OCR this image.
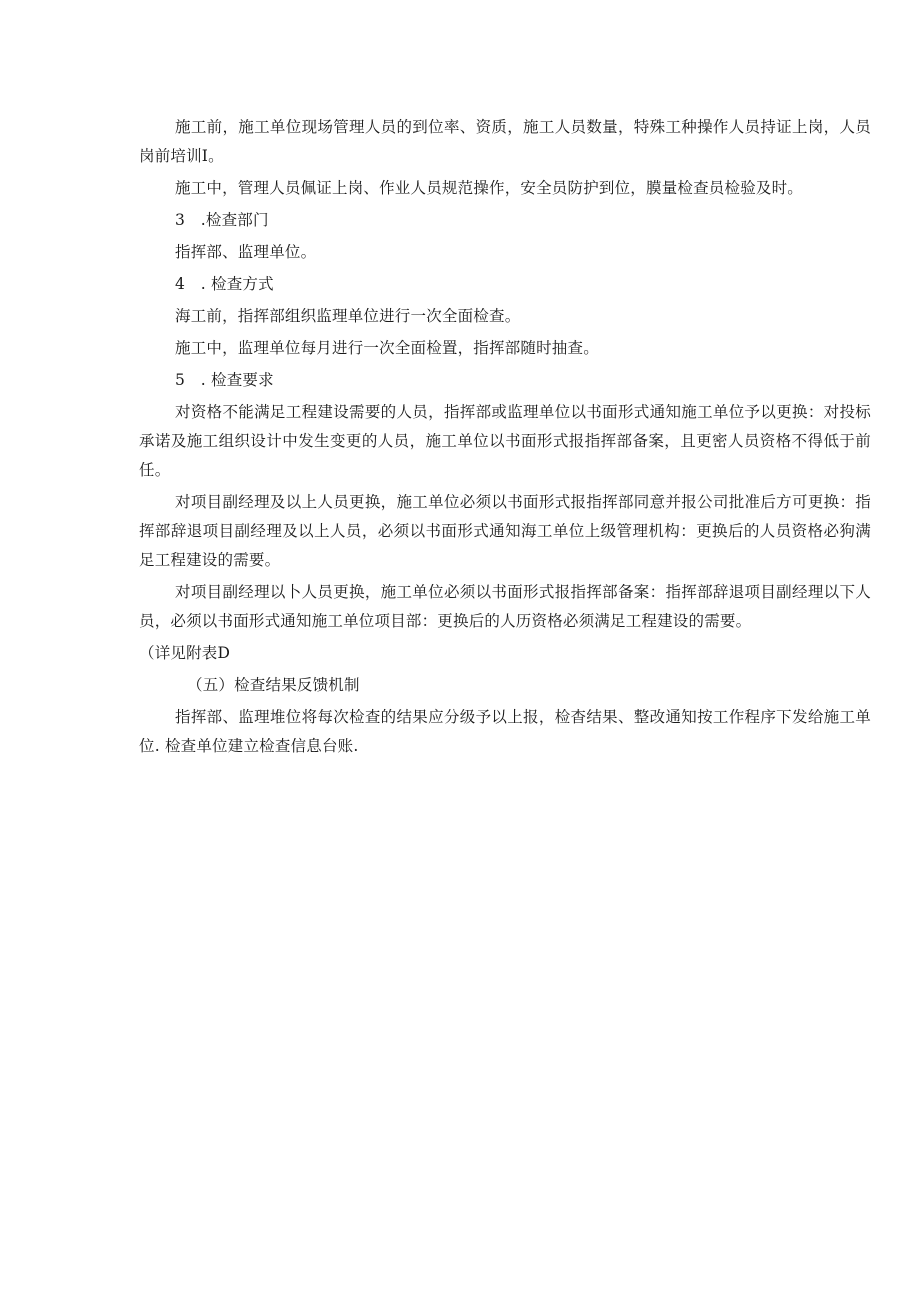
施工前，施工单位现场管理人员的到位率、资质，施工人员数量，特殊工种操作人员持证上岗，人员岗前培训I。

施工中，管理人员佩证上岗、作业人员规范操作，安全员防护到位，膜量检查员检验及时。

3　.检查部门

指挥部、监理单位。

4　. 检查方式

海工前，指挥部组织监理单位进行一次全面检查。

施工中，监理单位每月进行一次全面检置，指挥部随时抽查。

5　. 检查要求

对资格不能满足工程建设需要的人员，指挥部或监理单位以书面形式通知施工单位予以更换：对投标承诺及施工组织设计中发生变更的人员，施工单位以书面形式报指挥部备案，且更密人员资格不得低于前任。

对项目副经理及以上人员更换，施工单位必须以书面形式报指挥部同意并报公司批准后方可更换：指挥部辞退项目副经理及以上人员，必须以书面形式通知海工单位上级管理机构：更换后的人员资格必狗满足工程建设的需要。

对项目副经理以卜人员更换，施工单位必须以书面形式报指挥部备案：指挥部辞退项目副经理以下人员，必须以书面形式通知施工单位项目部：更换后的人历资格必须满足工程建设的需要。

（详见附表D

（五）检查结果反馈机制

指挥部、监理堆位将每次检查的结果应分级予以上报，检杳结果、整改通知按工作程序下发给施工单位. 检查单位建立检查信息台账.
